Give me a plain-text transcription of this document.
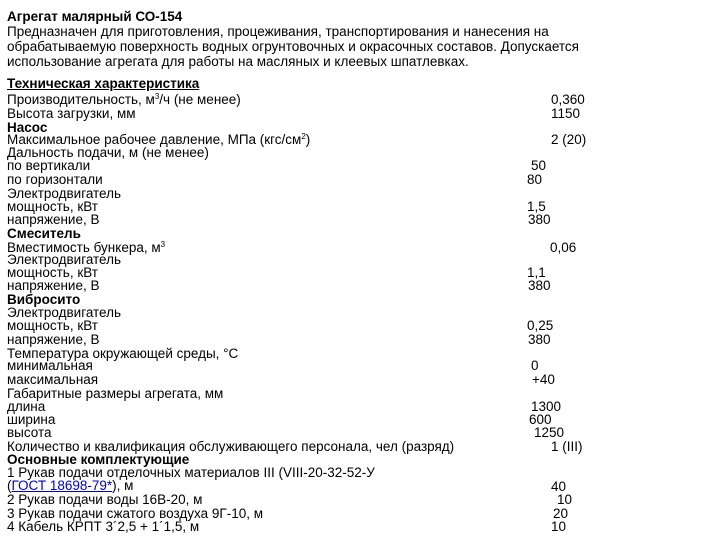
Агрегат малярный СО-154
Предназначен для приготовления, процеживания, транспортирования и нанесения на
обрабатываемую поверхность водных огрунтовочных и окрасочных составов. Допускается
использование агрегата для работы на масляных и клеевых шпатлевках.
Техническая характеристика
Производительность, $м^3/ч$ (не менее)	0,360
Высота загрузки, мм	1150
Насос
Максимальное рабочее давление, МПа $(кгс/см^2)$	2 (20)
Дальность подачи, м (не менее)
по вертикали	50
по горизонтали	80
Электродвигатель
мощность, кВт	1,5
напряжение, В	380
Смеситель
Вместимость бункера, $м^3$	0,06
Электродвигатель
мощность, кВт	1,1
напряжение, В	380
Вибросито
Электродвигатель
мощность, кВт	0,25
напряжение, В	380
Температура окружающей среды, °С
минимальная	0
максимальная	+40
Габаритные размеры агрегата, мм
длина	1300
ширина	600
высота	1250
Количество и квалификация обслуживающего персонала, чел (разряд)	1 (III)
Основные комплектующие
1 Рукав подачи отделочных материалов III (VIII-20-32-52-У
(ГОСТ 18698-79*), м	40
2 Рукав подачи воды 16В-20, м	10
3 Рукав подачи сжатого воздуха 9Г-10, м	20
4 Кабель КРПТ 3´2,5 + 1´1,5, м	10
